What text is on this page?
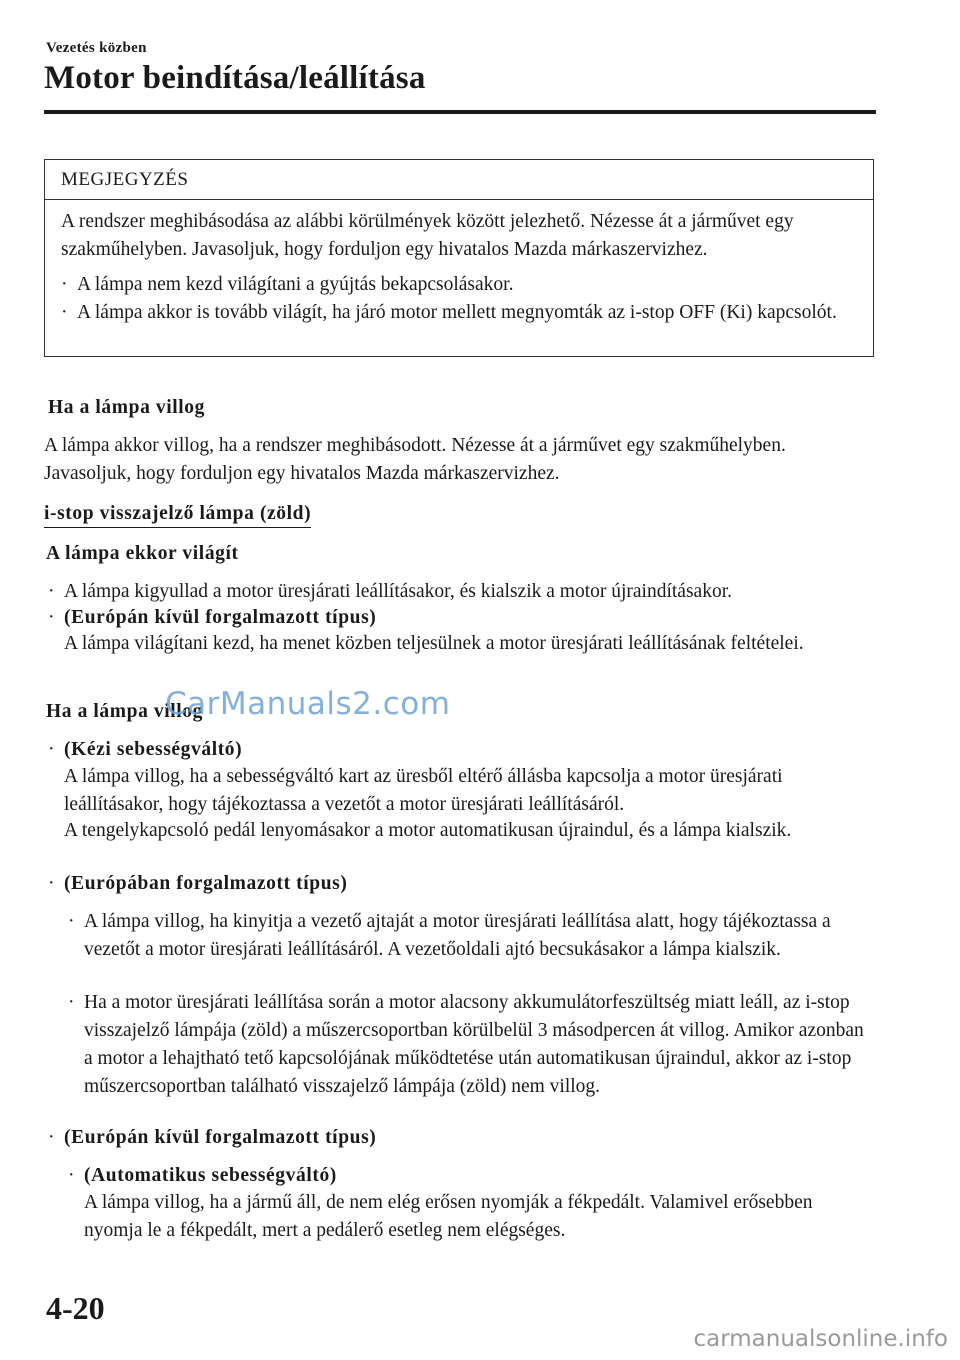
Vezetés közben
Motor beindítása/leállítása
MEGJEGYZÉS

A rendszer meghibásodása az alábbi körülmények között jelezhető. Nézesse át a járművet egy szakműhelyben. Javasoljuk, hogy forduljon egy hivatalos Mazda márkaszervizhez.

· A lámpa nem kezd világítani a gyújtás bekapcsolásakor.
· A lámpa akkor is tovább világít, ha járó motor mellett megnyomták az i-stop OFF (Ki) kapcsolót.
Ha a lámpa villog
A lámpa akkor villog, ha a rendszer meghibásodott. Nézesse át a járművet egy szakműhelyben. Javasoljuk, hogy forduljon egy hivatalos Mazda márkaszervizhez.
i-stop visszajelző lámpa (zöld)
A lámpa ekkor világít
· A lámpa kigyullad a motor üresjárati leállításakor, és kialszik a motor újraindításakor.
· (Európán kívül forgalmazott típus)
A lámpa világítani kezd, ha menet közben teljesülnek a motor üresjárati leállításának feltételei.
Ha a lámpa villog
CarManuals2.com
· (Kézi sebességváltó)
A lámpa villog, ha a sebességváltó kart az üresből eltérő állásba kapcsolja a motor üresjárati leállításakor, hogy tájékoztassa a vezetőt a motor üresjárati leállításáról.
A tengelykapcsoló pedál lenyomásakor a motor automatikusan újraindul, és a lámpa kialszik.
· (Európában forgalmazott típus)
· A lámpa villog, ha kinyitja a vezető ajtaját a motor üresjárati leállítása alatt, hogy tájékoztassa a vezetőt a motor üresjárati leállításáról. A vezetőoldali ajtó becsukásakor a lámpa kialszik.
· Ha a motor üresjárati leállítása során a motor alacsony akkumulátorfeszültség miatt leáll, az i-stop visszajelző lámpája (zöld) a műszercsoportban körülbelül 3 másodpercen át villog. Amikor azonban a motor a lehajtható tető kapcsolójának működtetése után automatikusan újraindul, akkor az i-stop műszercsoportban található visszajelző lámpája (zöld) nem villog.
· (Európán kívül forgalmazott típus)
· (Automatikus sebességváltó)
A lámpa villog, ha a jármű áll, de nem elég erősen nyomják a fékpedált. Valamivel erősebben nyomja le a fékpedált, mert a pedálerő esetleg nem elégséges.
4-20
carmanualsonline.info
